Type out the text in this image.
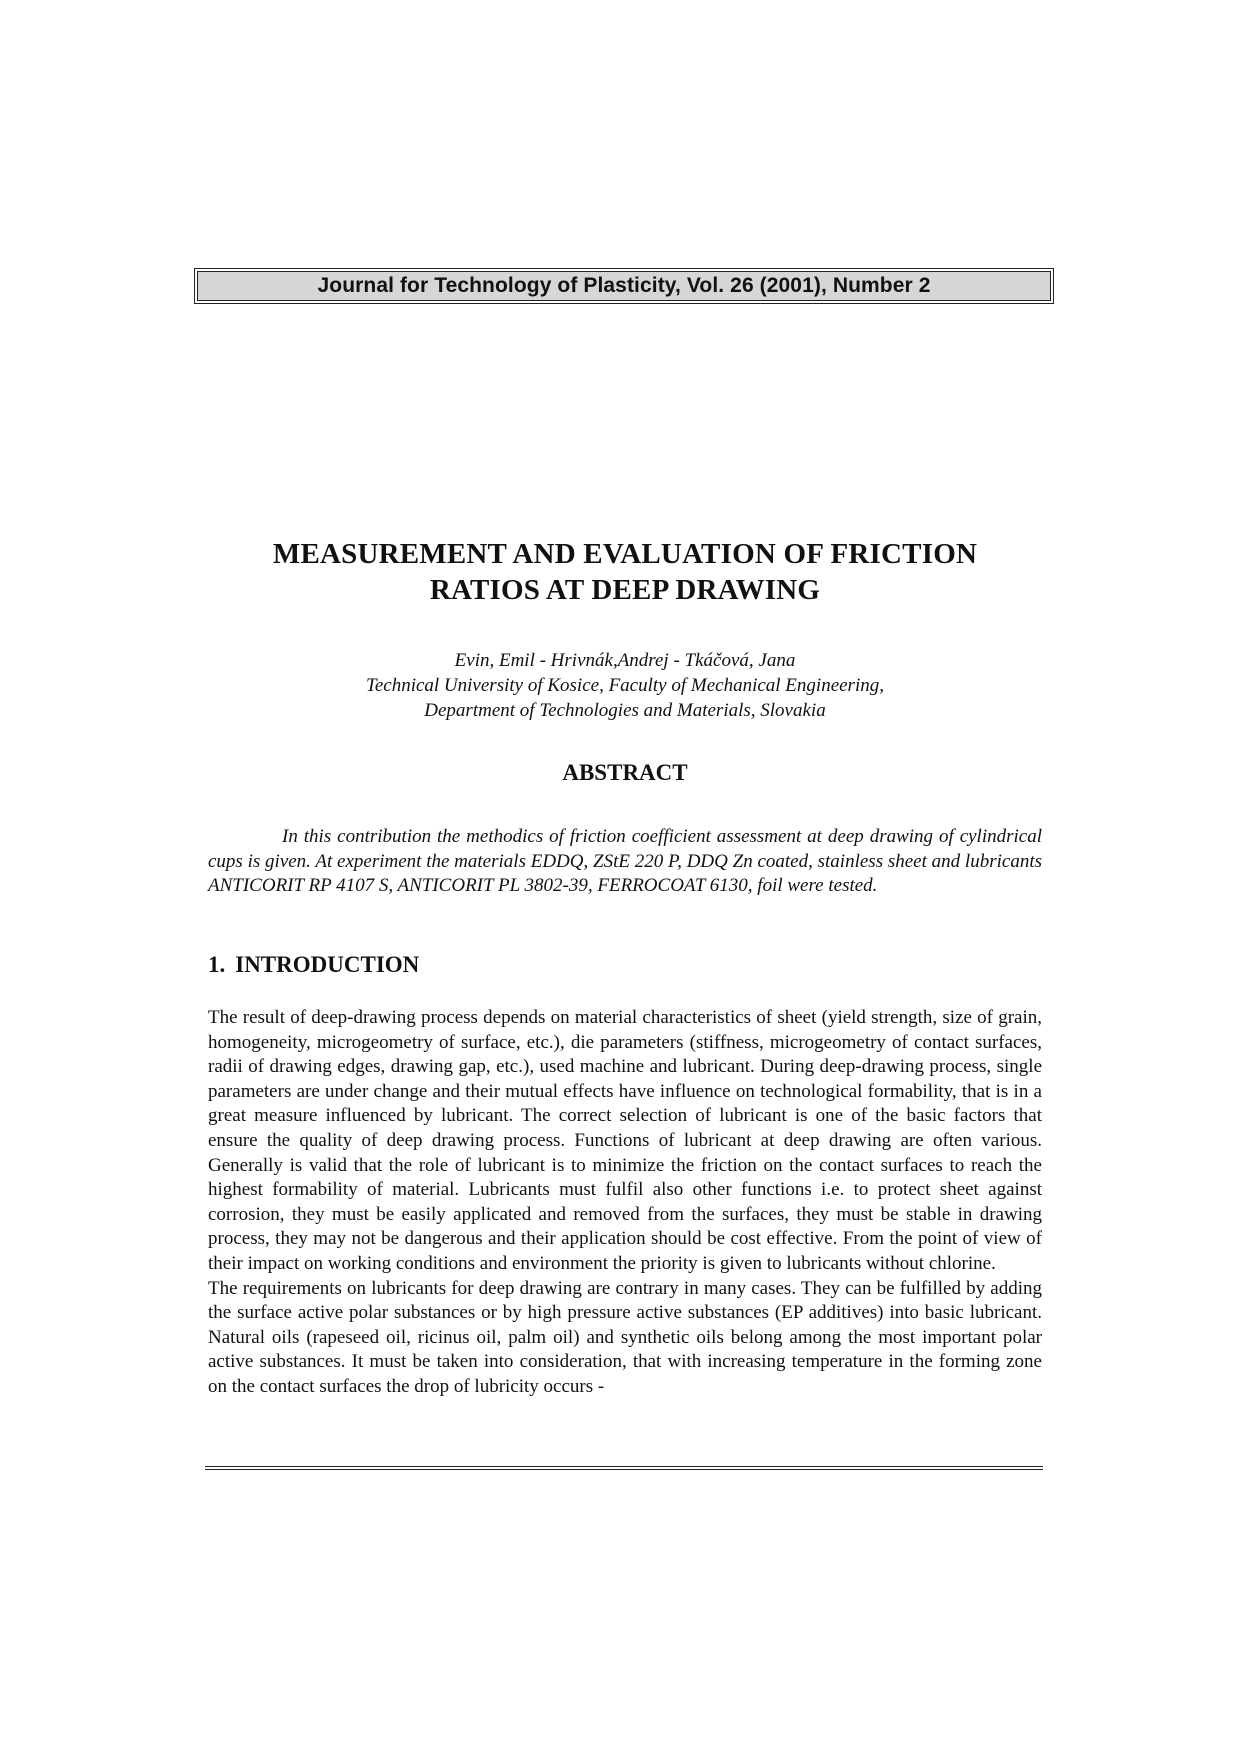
Journal for Technology of Plasticity, Vol. 26 (2001), Number 2
MEASUREMENT AND EVALUATION OF FRICTION
RATIOS AT DEEP DRAWING
Evin, Emil - Hrivnák,Andrej - Tkáčová, Jana
Technical University of Kosice, Faculty of Mechanical Engineering,
Department of Technologies and Materials, Slovakia
ABSTRACT
In this contribution the methodics of friction coefficient assessment at deep drawing of cylindrical cups is given. At experiment the materials EDDQ, ZStE 220 P, DDQ Zn coated, stainless sheet and lubricants ANTICORIT RP 4107 S, ANTICORIT PL 3802-39, FERROCOAT 6130, foil were tested.
1. INTRODUCTION

The result of deep-drawing process depends on material characteristics of sheet (yield strength, size of grain, homogeneity, microgeometry of surface, etc.), die parameters (stiffness, microgeometry of contact surfaces, radii of drawing edges, drawing gap, etc.), used machine and lubricant. During deep-drawing process, single parameters are under change and their mutual effects have influence on technological formability, that is in a great measure influenced by lubricant. The correct selection of lubricant is one of the basic factors that ensure the quality of deep drawing process. Functions of lubricant at deep drawing are often various. Generally is valid that the role of lubricant is to minimize the friction on the contact surfaces to reach the highest formability of material. Lubricants must fulfil also other functions i.e. to protect sheet against corrosion, they must be easily applicated and removed from the surfaces, they must be stable in drawing process, they may not be dangerous and their application should be cost effective. From the point of view of their impact on working conditions and environment the priority is given to lubricants without chlorine.

The requirements on lubricants for deep drawing are contrary in many cases. They can be fulfilled by adding the surface active polar substances or by high pressure active substances (EP additives) into basic lubricant. Natural oils (rapeseed oil, ricinus oil, palm oil) and synthetic oils belong among the most important polar active substances. It must be taken into consideration, that with increasing temperature in the forming zone on the contact surfaces the drop of lubricity occurs -
